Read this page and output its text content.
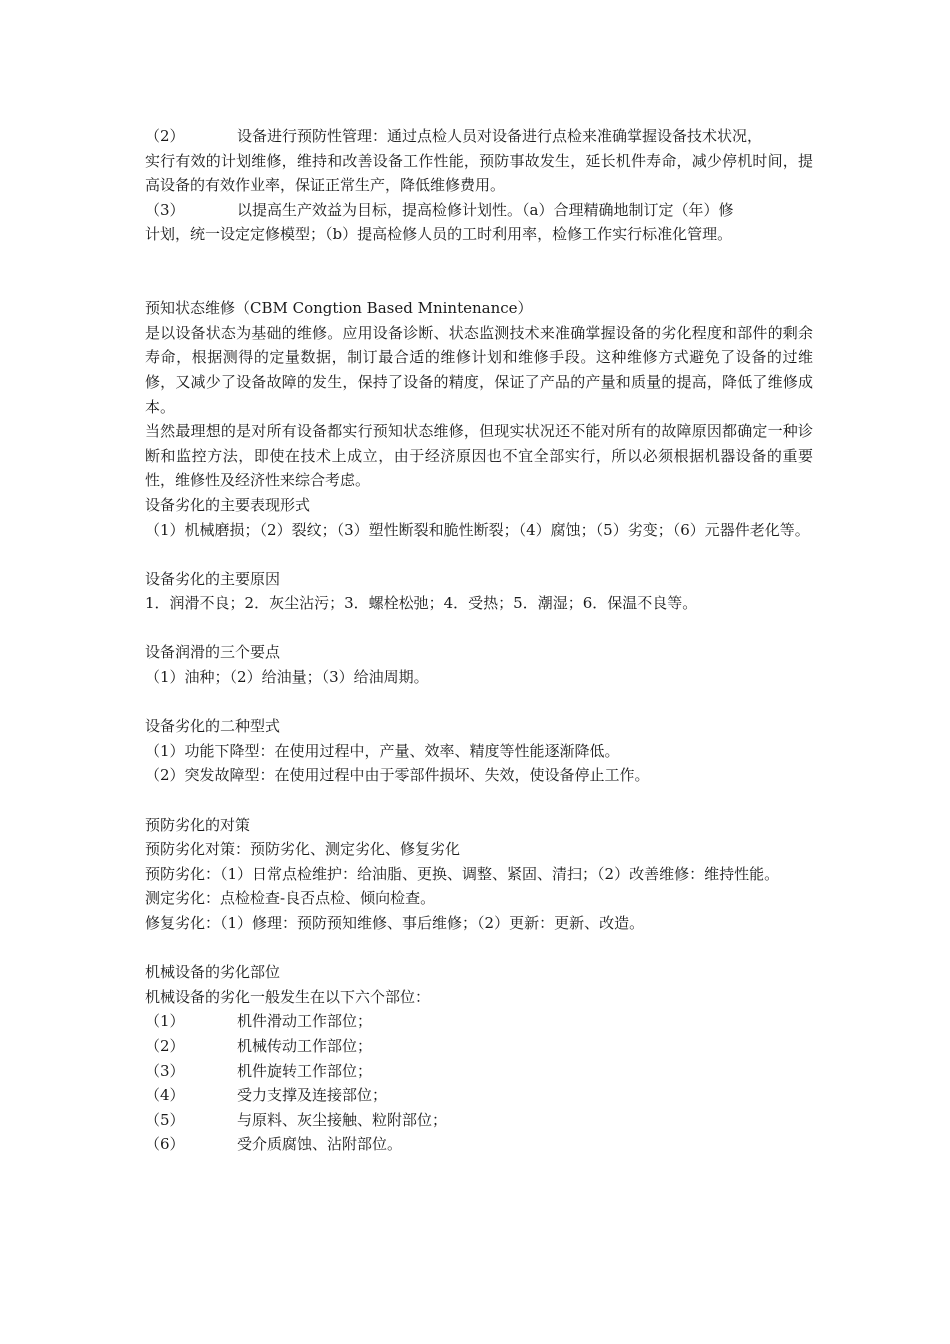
（2）	设备进行预防性管理：通过点检人员对设备进行点检来准确掌握设备技术状况，

实行有效的计划维修，维持和改善设备工作性能，预防事故发生，延长机件寿命，减少停机时间，提高设备的有效作业率，保证正常生产，降低维修费用。

（3）	以提高生产效益为目标，提高检修计划性。（a）合理精确地制订定（年）修

计划，统一设定定修模型；（b）提高检修人员的工时利用率，检修工作实行标准化管理。

预知状态维修（CBM Congtion Based Mnintenance）

是以设备状态为基础的维修。应用设备诊断、状态监测技术来准确掌握设备的劣化程度和部件的剩余寿命，根据测得的定量数据，制订最合适的维修计划和维修手段。这种维修方式避免了设备的过维修，又减少了设备故障的发生，保持了设备的精度，保证了产品的产量和质量的提高，降低了维修成本。

当然最理想的是对所有设备都实行预知状态维修，但现实状况还不能对所有的故障原因都确定一种诊断和监控方法，即使在技术上成立，由于经济原因也不宜全部实行，所以必须根据机器设备的重要性，维修性及经济性来综合考虑。

设备劣化的主要表现形式

（1）机械磨损；（2）裂纹；（3）塑性断裂和脆性断裂；（4）腐蚀；（5）劣变；（6）元器件老化等。

设备劣化的主要原因

1．润滑不良；2．灰尘沾污；3．螺栓松弛；4．受热；5．潮湿；6．保温不良等。

设备润滑的三个要点

（1）油种；（2）给油量；（3）给油周期。

设备劣化的二种型式

（1）功能下降型：在使用过程中，产量、效率、精度等性能逐渐降低。

（2）突发故障型：在使用过程中由于零部件损坏、失效，使设备停止工作。

预防劣化的对策

预防劣化对策：预防劣化、测定劣化、修复劣化

预防劣化：（1）日常点检维护：给油脂、更换、调整、紧固、清扫；（2）改善维修：维持性能。

测定劣化：点检检查-良否点检、倾向检查。

修复劣化：（1）修理：预防预知维修、事后维修；（2）更新：更新、改造。

机械设备的劣化部位

机械设备的劣化一般发生在以下六个部位：

（1）	机件滑动工作部位；
（2）	机械传动工作部位；
（3）	机件旋转工作部位；
（4）	受力支撑及连接部位；
（5）	与原料、灰尘接触、粒附部位；
（6）	受介质腐蚀、沾附部位。
